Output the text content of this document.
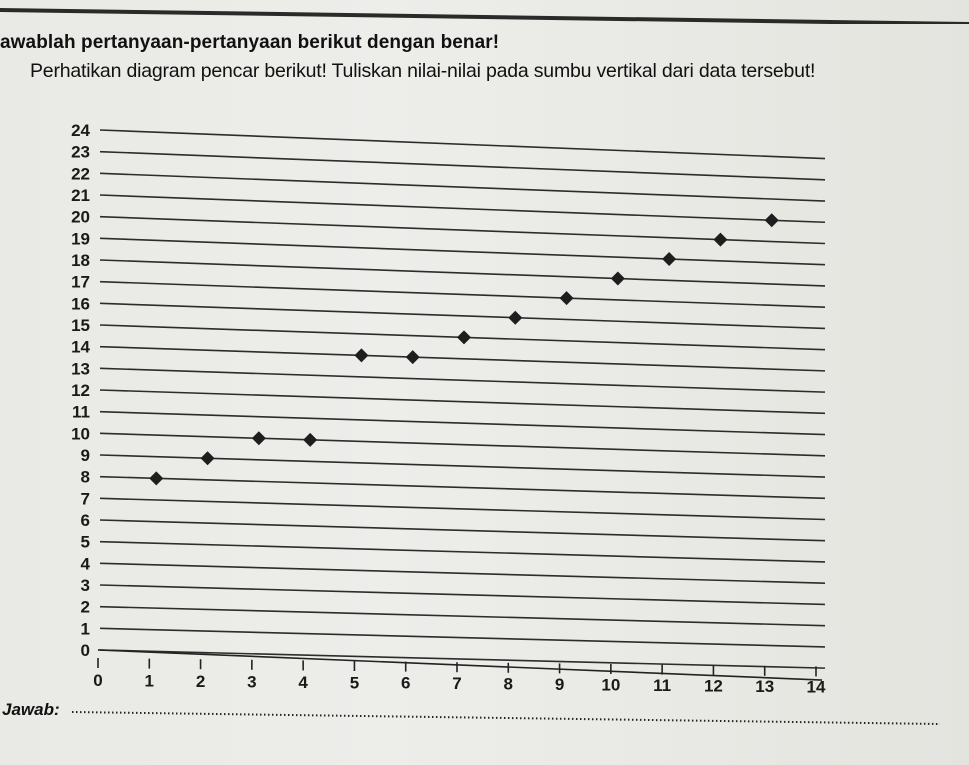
awablah pertanyaan-pertanyaan berikut dengan benar!
Perhatikan diagram pencar berikut! Tuliskan nilai-nilai pada sumbu vertikal dari data tersebut!
0
1
2
3
4
5
6
7
8
9
10
11
12
13
14
15
16
17
18
19
20
21
22
23
24
0 1 2 3 4 5 6 7 8 9 10 11 12 13 14
Jawab:
